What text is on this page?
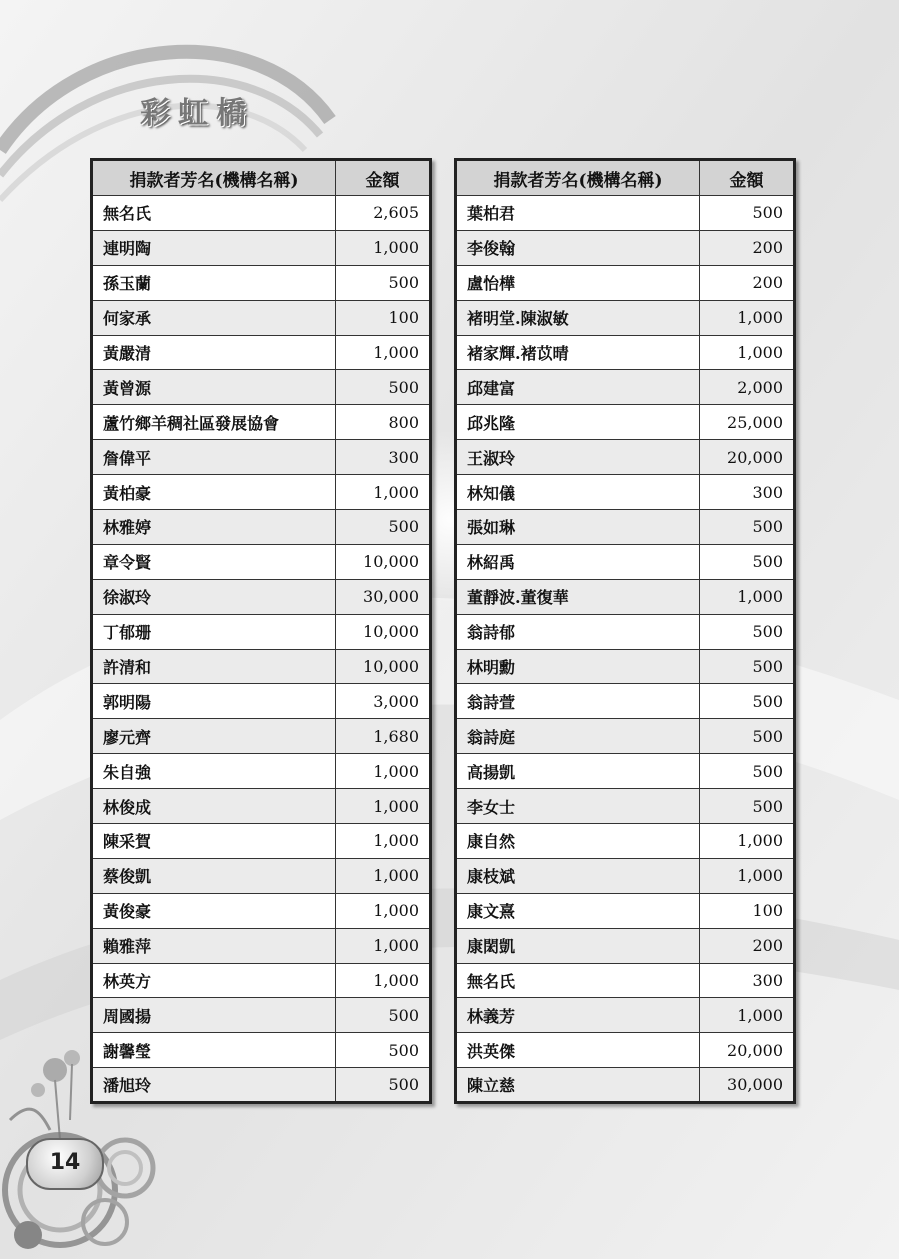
彩虹橋
捐款者芳名(機構名稱)	金額
無名氏	2,605
連明陶	1,000
孫玉蘭	500
何家承	100
黃嚴清	1,000
黃曾源	500
蘆竹鄉羊稠社區發展協會	800
詹偉平	300
黃柏豪	1,000
林雅婷	500
章令賢	10,000
徐淑玲	30,000
丁郁珊	10,000
許清和	10,000
郭明陽	3,000
廖元齊	1,680
朱自強	1,000
林俊成	1,000
陳采賀	1,000
蔡俊凱	1,000
黃俊豪	1,000
賴雅萍	1,000
林英方	1,000
周國揚	500
謝馨瑩	500
潘旭玲	500
捐款者芳名(機構名稱)	金額
葉柏君	500
李俊翰	200
盧怡樺	200
褚明堂.陳淑敏	1,000
褚家輝.褚苡晴	1,000
邱建富	2,000
邱兆隆	25,000
王淑玲	20,000
林知儀	300
張如琳	500
林紹禹	500
董靜波.董復華	1,000
翁詩郁	500
林明勳	500
翁詩萱	500
翁詩庭	500
高揚凱	500
李女士	500
康自然	1,000
康枝斌	1,000
康文熹	100
康閎凱	200
無名氏	300
林義芳	1,000
洪英傑	20,000
陳立慈	30,000
14
